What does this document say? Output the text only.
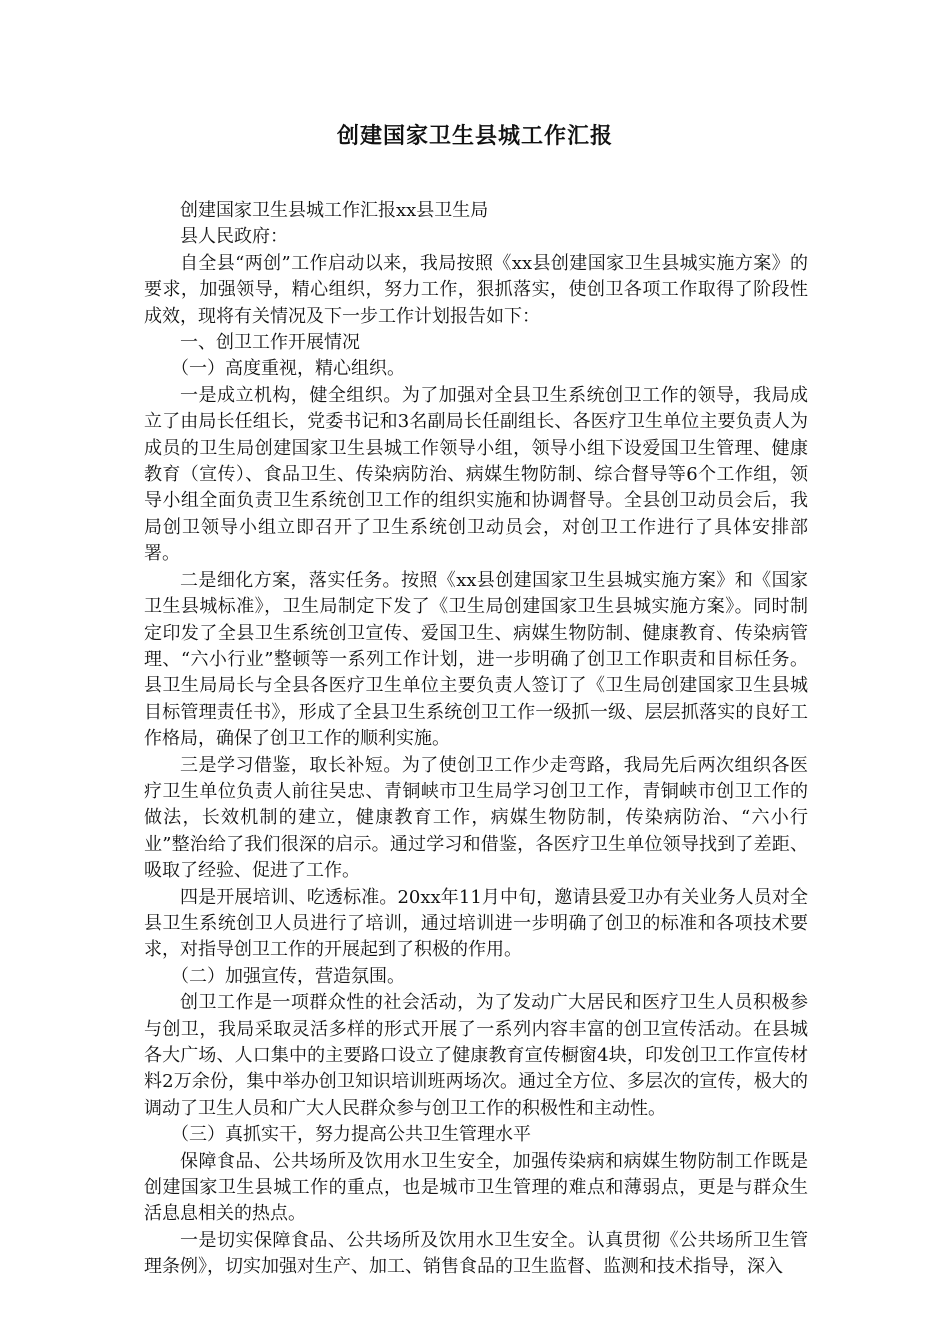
创建国家卫生县城工作汇报

创建国家卫生县城工作汇报xx县卫生局

县人民政府：

自全县“两创”工作启动以来，我局按照《xx县创建国家卫生县城实施方案》的要求，加强领导，精心组织，努力工作，狠抓落实，使创卫各项工作取得了阶段性成效，现将有关情况及下一步工作计划报告如下：

一、创卫工作开展情况

（一）高度重视，精心组织。

一是成立机构，健全组织。为了加强对全县卫生系统创卫工作的领导，我局成立了由局长任组长，党委书记和3名副局长任副组长、各医疗卫生单位主要负责人为成员的卫生局创建国家卫生县城工作领导小组，领导小组下设爱国卫生管理、健康教育（宣传）、食品卫生、传染病防治、病媒生物防制、综合督导等6个工作组，领导小组全面负责卫生系统创卫工作的组织实施和协调督导。全县创卫动员会后，我局创卫领导小组立即召开了卫生系统创卫动员会，对创卫工作进行了具体安排部署。

二是细化方案，落实任务。按照《xx县创建国家卫生县城实施方案》和《国家卫生县城标准》，卫生局制定下发了《卫生局创建国家卫生县城实施方案》。同时制定印发了全县卫生系统创卫宣传、爱国卫生、病媒生物防制、健康教育、传染病管理、“六小行业”整顿等一系列工作计划，进一步明确了创卫工作职责和目标任务。县卫生局局长与全县各医疗卫生单位主要负责人签订了《卫生局创建国家卫生县城目标管理责任书》，形成了全县卫生系统创卫工作一级抓一级、层层抓落实的良好工作格局，确保了创卫工作的顺利实施。

三是学习借鉴，取长补短。为了使创卫工作少走弯路，我局先后两次组织各医疗卫生单位负责人前往吴忠、青铜峡市卫生局学习创卫工作，青铜峡市创卫工作的做法，长效机制的建立，健康教育工作，病媒生物防制，传染病防治、“六小行业”整治给了我们很深的启示。通过学习和借鉴，各医疗卫生单位领导找到了差距、吸取了经验、促进了工作。

四是开展培训、吃透标准。20xx年11月中旬，邀请县爱卫办有关业务人员对全县卫生系统创卫人员进行了培训，通过培训进一步明确了创卫的标准和各项技术要求，对指导创卫工作的开展起到了积极的作用。

（二）加强宣传，营造氛围。

创卫工作是一项群众性的社会活动，为了发动广大居民和医疗卫生人员积极参与创卫，我局采取灵活多样的形式开展了一系列内容丰富的创卫宣传活动。在县城各大广场、人口集中的主要路口设立了健康教育宣传橱窗4块，印发创卫工作宣传材料2万余份，集中举办创卫知识培训班两场次。通过全方位、多层次的宣传，极大的调动了卫生人员和广大人民群众参与创卫工作的积极性和主动性。

（三）真抓实干，努力提高公共卫生管理水平

保障食品、公共场所及饮用水卫生安全，加强传染病和病媒生物防制工作既是创建国家卫生县城工作的重点，也是城市卫生管理的难点和薄弱点，更是与群众生活息息相关的热点。

一是切实保障食品、公共场所及饮用水卫生安全。认真贯彻《公共场所卫生管理条例》，切实加强对生产、加工、销售食品的卫生监督、监测和技术指导，深入
